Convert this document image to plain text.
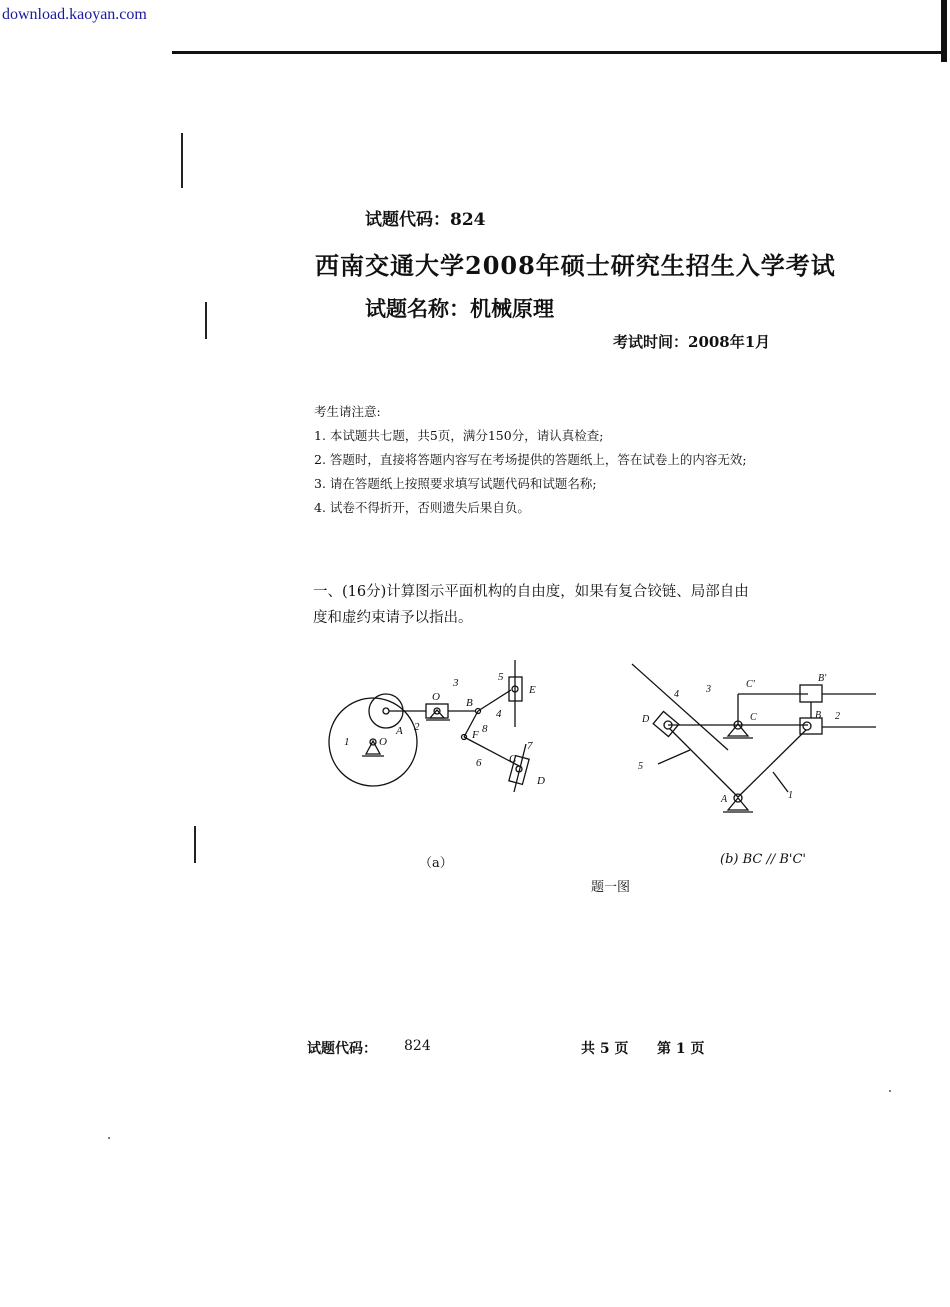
download.kaoyan.com
试题代码：824
西南交通大学2008年硕士研究生招生入学考试
试题名称：机械原理
考试时间：2008年1月
考生请注意:
1. 本试题共七题，共5页，满分150分，请认真检查;
2. 答题时，直接将答题内容写在考场提供的答题纸上，答在试卷上的内容无效;
3. 请在答题纸上按照要求填写试题代码和试题名称;
4. 试卷不得折开，否则遗失后果自负。
一、(16分)计算图示平面机构的自由度，如果有复合铰链、局部自由
度和虚约束请予以指出。
1	O
A 2
O
3
B
4
5
E
8
F
6	C
7
D
（a）
4	3	C'
B'
D	C	B 2
5
A	1
(b) BC // B'C'
题一图
试题代码： 824	共 5 页 第 1 页
